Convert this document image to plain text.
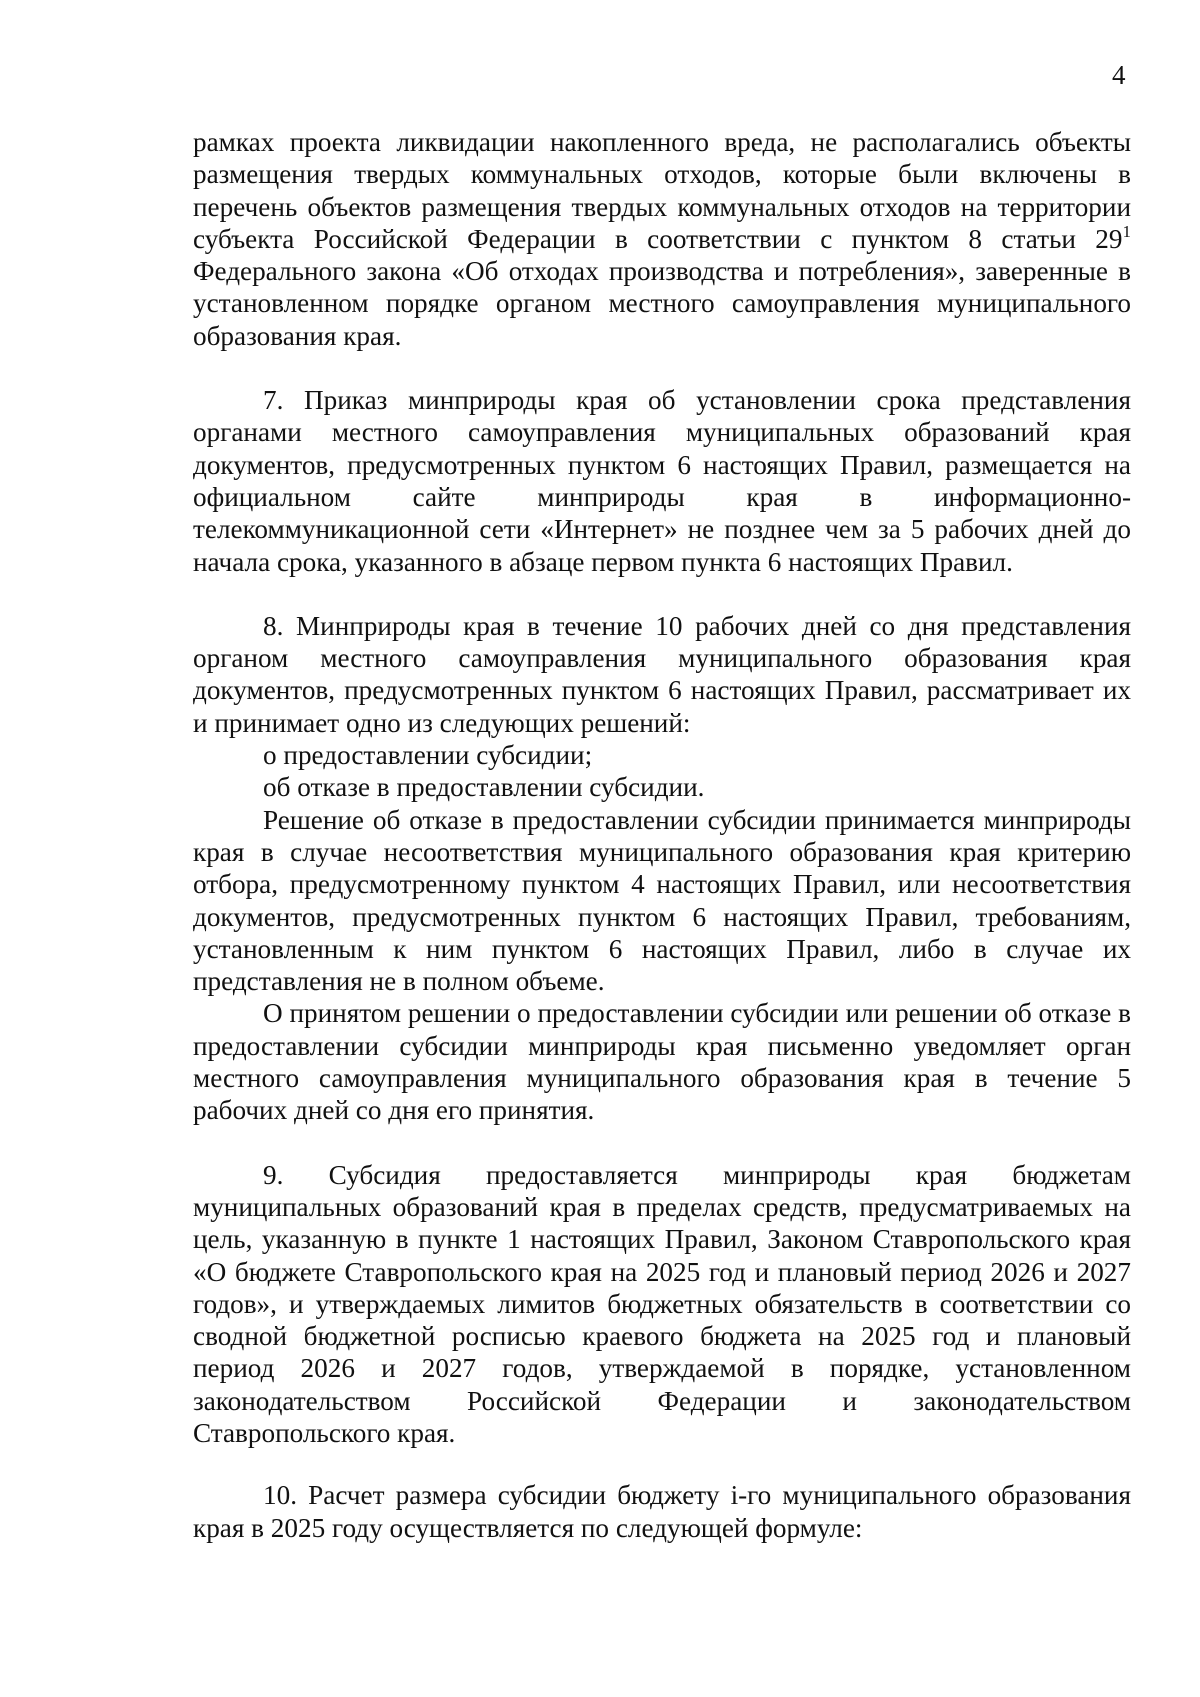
4

рамках проекта ликвидации накопленного вреда, не располагались объекты размещения твердых коммунальных отходов, которые были включены в перечень объектов размещения твердых коммунальных отходов на территории субъекта Российской Федерации в соответствии с пунктом 8 статьи $29^1$ Федерального закона «Об отходах производства и потребления», заверенные в установленном порядке органом местного самоуправления муниципального образования края.

7. Приказ минприроды края об установлении срока представления органами местного самоуправления муниципальных образований края документов, предусмотренных пунктом 6 настоящих Правил, размещается на официальном сайте минприроды края в информационно-телекоммуникационной сети «Интернет» не позднее чем за 5 рабочих дней до начала срока, указанного в абзаце первом пункта 6 настоящих Правил.

8. Минприроды края в течение 10 рабочих дней со дня представления органом местного самоуправления муниципального образования края документов, предусмотренных пунктом 6 настоящих Правил, рассматривает их и принимает одно из следующих решений:

о предоставлении субсидии;

об отказе в предоставлении субсидии.

Решение об отказе в предоставлении субсидии принимается минприроды края в случае несоответствия муниципального образования края критерию отбора, предусмотренному пунктом 4 настоящих Правил, или несоответствия документов, предусмотренных пунктом 6 настоящих Правил, требованиям, установленным к ним пунктом 6 настоящих Правил, либо в случае их представления не в полном объеме.

О принятом решении о предоставлении субсидии или решении об отказе в предоставлении субсидии минприроды края письменно уведомляет орган местного самоуправления муниципального образования края в течение 5 рабочих дней со дня его принятия.

9. Субсидия предоставляется минприроды края бюджетам муниципальных образований края в пределах средств, предусматриваемых на цель, указанную в пункте 1 настоящих Правил, Законом Ставропольского края «О бюджете Ставропольского края на 2025 год и плановый период 2026 и 2027 годов», и утверждаемых лимитов бюджетных обязательств в соответствии со сводной бюджетной росписью краевого бюджета на 2025 год и плановый период 2026 и 2027 годов, утверждаемой в порядке, установленном законодательством Российской Федерации и законодательством Ставропольского края.

10. Расчет размера субсидии бюджету i-го муниципального образования края в 2025 году осуществляется по следующей формуле:
